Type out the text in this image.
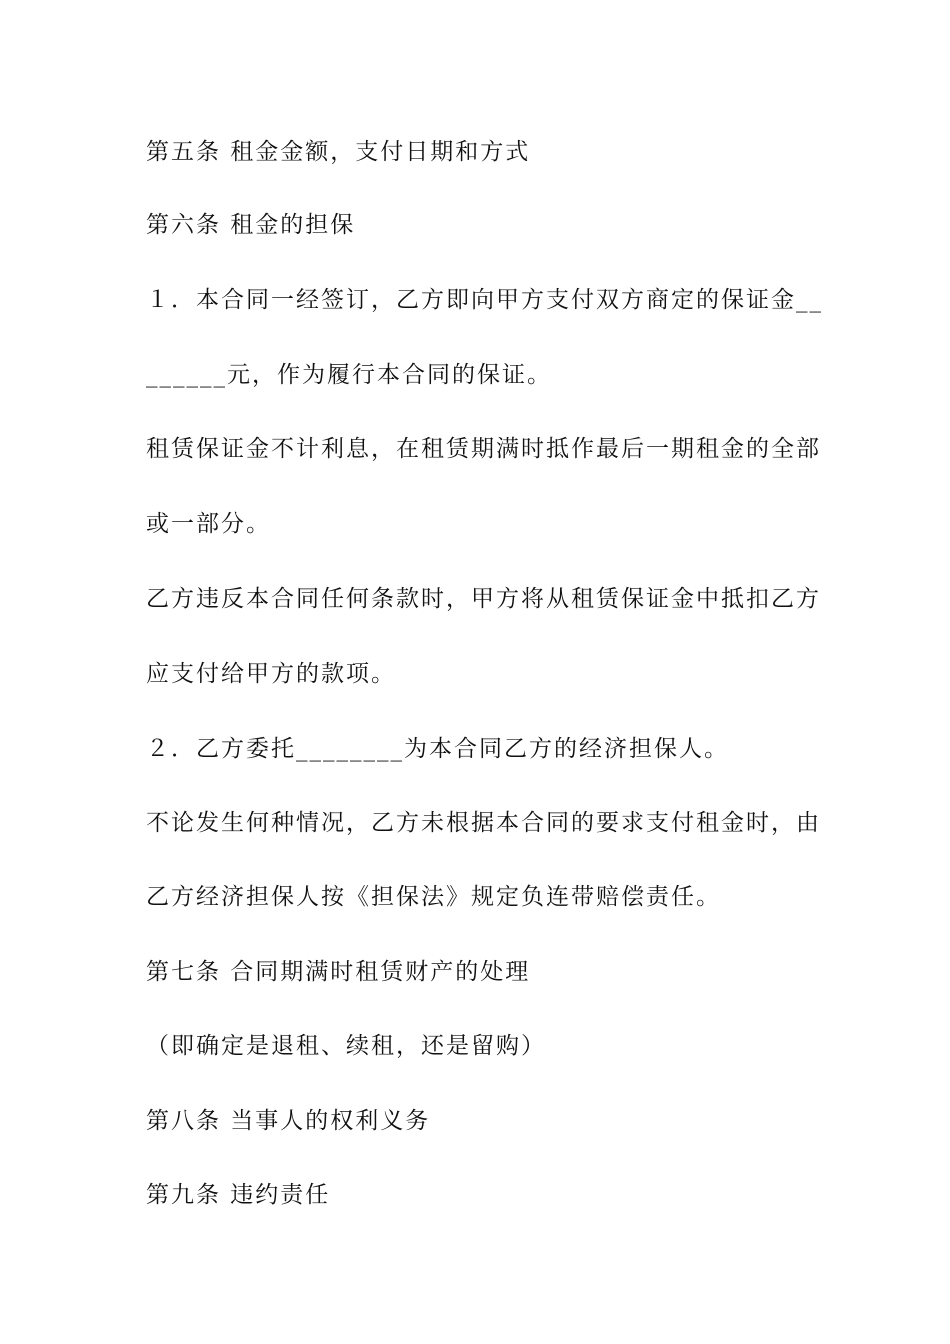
第五条 租金金额，支付日期和方式
第六条 租金的担保
１．本合同一经签订，乙方即向甲方支付双方商定的保证金__
______元，作为履行本合同的保证。
租赁保证金不计利息，在租赁期满时抵作最后一期租金的全部
或一部分。
乙方违反本合同任何条款时，甲方将从租赁保证金中抵扣乙方
应支付给甲方的款项。
２．乙方委托________为本合同乙方的经济担保人。
不论发生何种情况，乙方未根据本合同的要求支付租金时，由
乙方经济担保人按《担保法》规定负连带赔偿责任。
第七条 合同期满时租赁财产的处理
（即确定是退租、续租，还是留购）
第八条 当事人的权利义务
第九条 违约责任
